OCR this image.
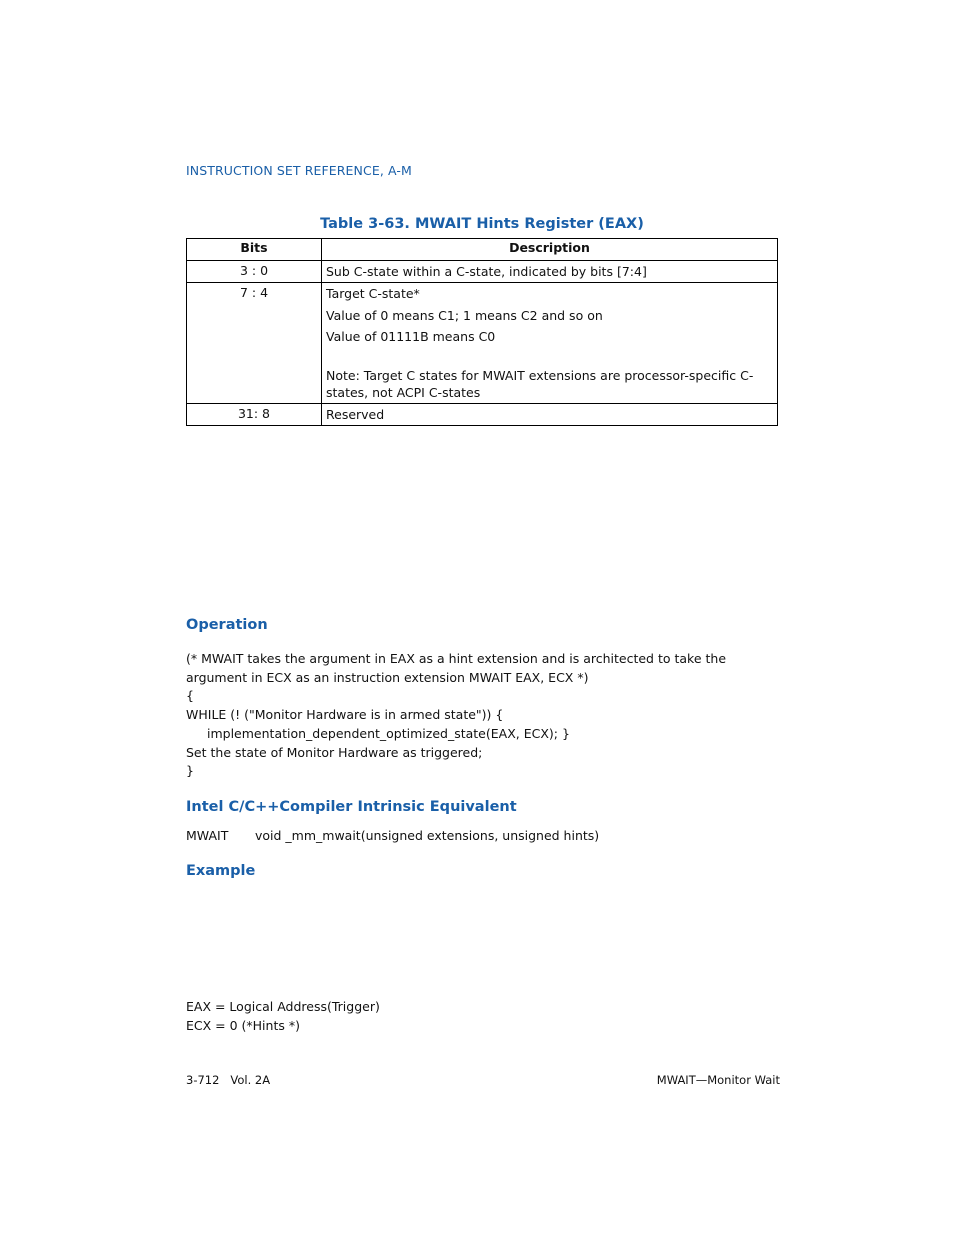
INSTRUCTION SET REFERENCE, A-M
Table 3-63. MWAIT Hints Register (EAX)
Bits	Description
3 : 0	Sub C-state within a C-state, indicated by bits [7:4]

7 : 4	Target C-state*
Value of 0 means C1; 1 means C2 and so on
Value of 01111B means C0
Note: Target C states for MWAIT extensions are processor-specific C-states, not ACPI C-states

31: 8	Reserved
Operation
(* MWAIT takes the argument in EAX as a hint extension and is architected to take the argument in ECX as an instruction extension MWAIT EAX, ECX *)
{
WHILE (! ("Monitor Hardware is in armed state")) {
implementation_dependent_optimized_state(EAX, ECX); }
Set the state of Monitor Hardware as triggered;
}
Intel C/C++Compiler Intrinsic Equivalent
MWAIT void _mm_mwait(unsigned extensions, unsigned hints)
Example
EAX = Logical Address(Trigger)
ECX = 0 (*Hints *)
3-712   Vol. 2A	MWAIT—Monitor Wait
